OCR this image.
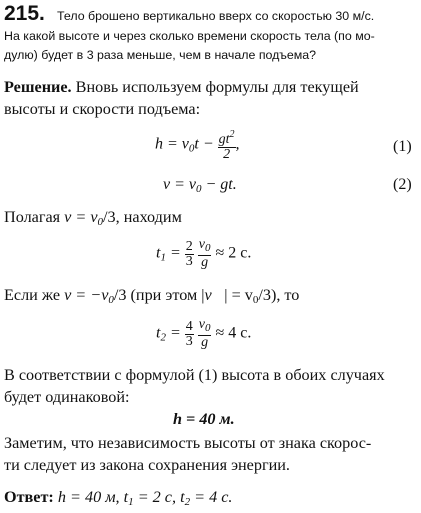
215. Тело брошено вертикально вверх со скоростью 30 м/с.
На какой высоте и через сколько времени скорость тела (по мо-
дулю) будет в 3 раза меньше, чем в начале подъема?
Решение. Вновь используем формулы для текущей
высоты и скорости подъема:
$h = v_0t - \frac{gt^2}{2}$ ,	(1)
$v = v_0$ − gt.	(2)
Полагая $v = v_0/3$, находим
$t_1 = \frac{2}{3}$
$\frac{v_0}{g} \approx 2$ с.
Если же $v = -v_0/3$ (при этом |v⃗| = $v_0/3$), то
$t_2 = \frac{4}{3}$
$\frac{v_0}{g} \approx 4$ с.
В соответствии с формулой (1) высота в обоих случаях
будет одинаковой:
h = 40 м.
Заметим, что независимость высоты от знака скорос-
ти следует из закона сохранения энергии.
Ответ: h = 40 м, $t_1 = 2$ с, $t_2 = 4$ с.
